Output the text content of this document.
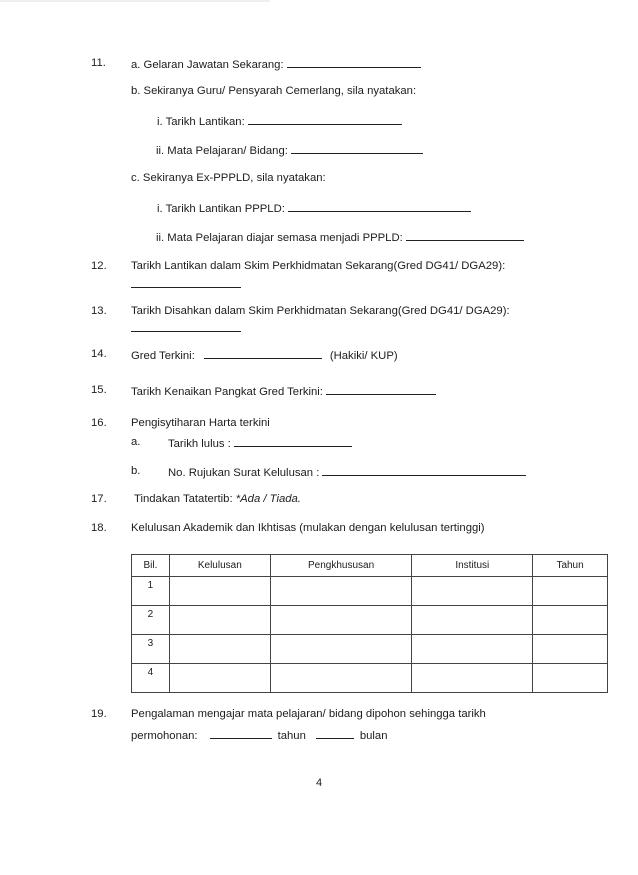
11. a. Gelaran Jawatan Sekarang:
b. Sekiranya Guru/ Pensyarah Cemerlang, sila nyatakan:
i. Tarikh Lantikan:
ii. Mata Pelajaran/ Bidang:
c. Sekiranya Ex-PPPLD, sila nyatakan:
i. Tarikh Lantikan PPPLD:
ii. Mata Pelajaran diajar semasa menjadi PPPLD:
12. Tarikh Lantikan dalam Skim Perkhidmatan Sekarang(Gred DG41/ DGA29):
13. Tarikh Disahkan dalam Skim Perkhidmatan Sekarang(Gred DG41/ DGA29):
14. Gred Terkini:	(Hakiki/ KUP)
15. Tarikh Kenaikan Pangkat Gred Terkini:
16. Pengisytiharan Harta terkini
a. Tarikh lulus :
b. No. Rujukan Surat Kelulusan :
17. Tindakan Tatatertib: *Ada / Tiada.
18. Kelulusan Akademik dan Ikhtisas (mulakan dengan kelulusan tertinggi)
Bil.	Kelulusan	Pengkhususan	Institusi	Tahun
1				
2				
3				
4				
19. Pengalaman mengajar mata pelajaran/ bidang dipohon sehingga tarikh
permohonan:	tahun	bulan
4
